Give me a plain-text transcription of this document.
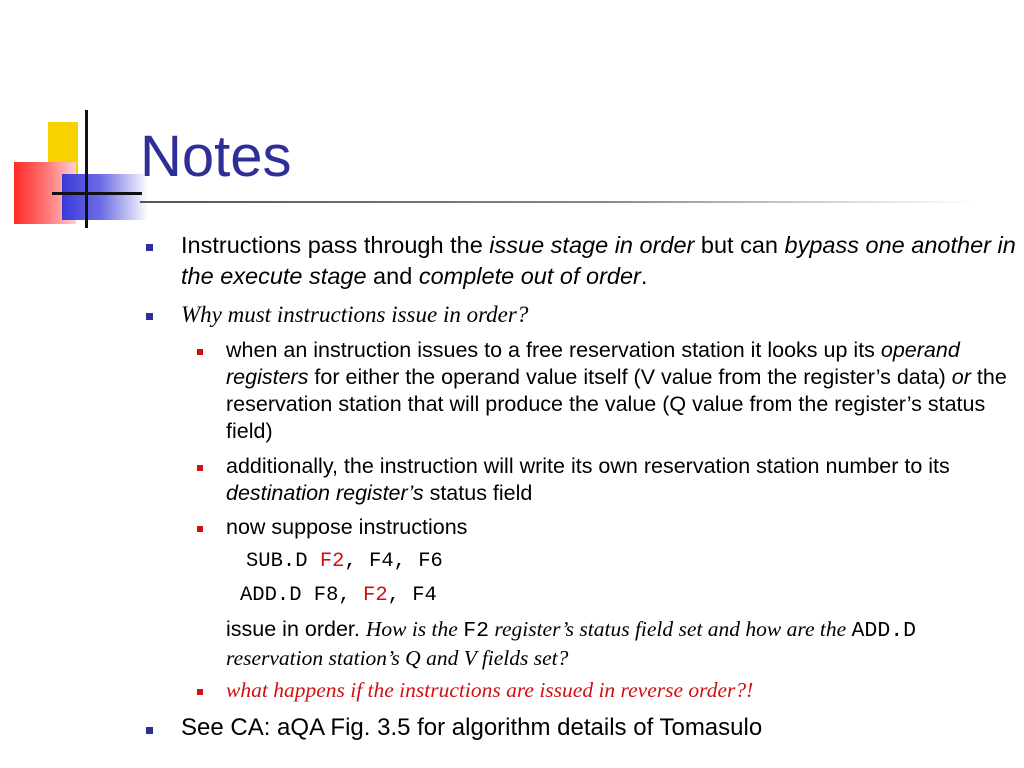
Notes
Instructions pass through the issue stage in order but can bypass one another in the execute stage and complete out of order.
Why must instructions issue in order?
when an instruction issues to a free reservation station it looks up its operand registers for either the operand value itself (V value from the register’s data) or the reservation station that will produce the value (Q value from the register’s status field)
additionally, the instruction will write its own reservation station number to its destination register’s status field
now suppose instructions
SUB.D F2, F4, F6
ADD.D F8, F2, F4
issue in order. How is the F2 register’s status field set and how are the ADD.D reservation station’s Q and V fields set?
what happens if the instructions are issued in reverse order?!
See CA: aQA Fig. 3.5 for algorithm details of Tomasulo
